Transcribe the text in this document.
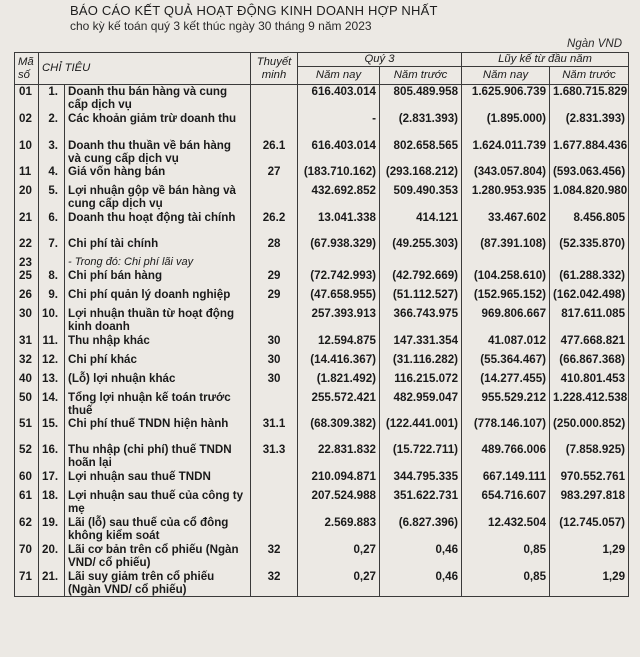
BÁO CÁO KẾT QUẢ HOẠT ĐỘNG KINH DOANH HỢP NHẤT
cho kỳ kế toán quý 3 kết thúc ngày 30 tháng 9 năm 2023
Ngàn VND
Mã số	CHỈ TIÊU		Thuyết minh	Quý 3		Lũy kế từ đầu năm	
				Năm nay	Năm trước	Năm nay	Năm trước
01	1.	Doanh thu bán hàng và cung cấp dịch vụ		616.403.014	805.489.958	1.625.906.739	1.680.715.829
02	2.	Các khoản giảm trừ doanh thu		-	(2.831.393)	(1.895.000)	(2.831.393)
10	3.	Doanh thu thuần về bán hàng và cung cấp dịch vụ	26.1	616.403.014	802.658.565	1.624.011.739	1.677.884.436
11	4.	Giá vốn hàng bán	27	(183.710.162)	(293.168.212)	(343.057.804)	(593.063.456)
20	5.	Lợi nhuận gộp về bán hàng và cung cấp dịch vụ		432.692.852	509.490.353	1.280.953.935	1.084.820.980
21	6.	Doanh thu hoạt động tài chính	26.2	13.041.338	414.121	33.467.602	8.456.805
22	7.	Chi phí tài chính	28	(67.938.329)	(49.255.303)	(87.391.108)	(52.335.870)
23		- Trong đó: Chi phí lãi vay					
25	8.	Chi phí bán hàng	29	(72.742.993)	(42.792.669)	(104.258.610)	(61.288.332)
26	9.	Chi phí quản lý doanh nghiệp	29	(47.658.955)	(51.112.527)	(152.965.152)	(162.042.498)
30	10.	Lợi nhuận thuần từ hoạt động kinh doanh		257.393.913	366.743.975	969.806.667	817.611.085
31	11.	Thu nhập khác	30	12.594.875	147.331.354	41.087.012	477.668.821
32	12.	Chi phí khác	30	(14.416.367)	(31.116.282)	(55.364.467)	(66.867.368)
40	13.	(Lỗ) lợi nhuận khác	30	(1.821.492)	116.215.072	(14.277.455)	410.801.453
50	14.	Tổng lợi nhuận kế toán trước thuế		255.572.421	482.959.047	955.529.212	1.228.412.538
51	15.	Chi phí thuế TNDN hiện hành	31.1	(68.309.382)	(122.441.001)	(778.146.107)	(250.000.852)
52	16.	Thu nhập (chi phí) thuế TNDN hoãn lại	31.3	22.831.832	(15.722.711)	489.766.006	(7.858.925)
60	17.	Lợi nhuận sau thuế TNDN		210.094.871	344.795.335	667.149.111	970.552.761
61	18.	Lợi nhuận sau thuế của công ty mẹ		207.524.988	351.622.731	654.716.607	983.297.818
62	19.	Lãi (lỗ) sau thuế của cổ đông không kiểm soát		2.569.883	(6.827.396)	12.432.504	(12.745.057)
70	20.	Lãi cơ bản trên cổ phiếu (Ngàn VND/ cổ phiếu)	32	0,27	0,46	0,85	1,29
71	21.	Lãi suy giảm trên cổ phiếu (Ngàn VND/ cổ phiếu)	32	0,27	0,46	0,85	1,29
